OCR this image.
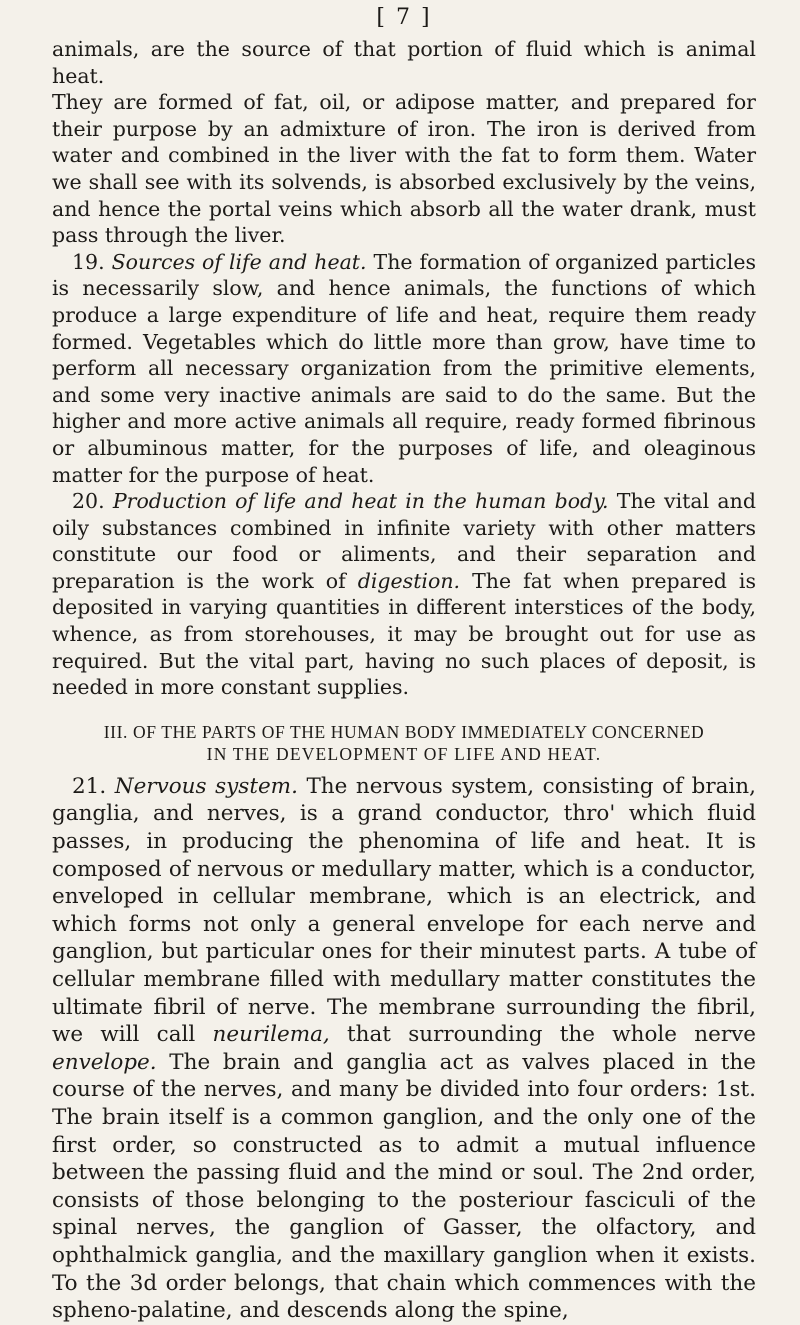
[ 7 ]

animals, are the source of that portion of fluid which is animal heat.

They are formed of fat, oil, or adipose matter, and prepared for their purpose by an admixture of iron. The iron is derived from water and combined in the liver with the fat to form them. Water we shall see with its solvends, is absorbed exclusively by the veins, and hence the portal veins which absorb all the water drank, must pass through the liver.

19. Sources of life and heat. The formation of organized particles is necessarily slow, and hence animals, the functions of which produce a large expenditure of life and heat, require them ready formed. Vegetables which do little more than grow, have time to perform all necessary organization from the primitive elements, and some very inactive animals are said to do the same. But the higher and more active animals all require, ready formed fibrinous or albuminous matter, for the purposes of life, and oleaginous matter for the purpose of heat.

20. Production of life and heat in the human body. The vital and oily substances combined in infinite variety with other matters constitute our food or aliments, and their separation and preparation is the work of digestion. The fat when prepared is deposited in varying quantities in different interstices of the body, whence, as from storehouses, it may be brought out for use as required. But the vital part, having no such places of deposit, is needed in more constant supplies.

III. OF THE PARTS OF THE HUMAN BODY IMMEDIATELY CONCERNED
IN THE DEVELOPMENT OF LIFE AND HEAT.

21. Nervous system. The nervous system, consisting of brain, ganglia, and nerves, is a grand conductor, thro' which fluid passes, in producing the phenomina of life and heat. It is composed of nervous or medullary matter, which is a conductor, enveloped in cellular membrane, which is an electrick, and which forms not only a general envelope for each nerve and ganglion, but particular ones for their minutest parts. A tube of cellular membrane filled with medullary matter constitutes the ultimate fibril of nerve. The membrane surrounding the fibril, we will call neurilema, that surrounding the whole nerve envelope. The brain and ganglia act as valves placed in the course of the nerves, and many be divided into four orders: 1st. The brain itself is a common ganglion, and the only one of the first order, so constructed as to admit a mutual influence between the passing fluid and the mind or soul. The 2nd order, consists of those belonging to the posteriour fasciculi of the spinal nerves, the ganglion of Gasser, the olfactory, and ophthalmick ganglia, and the maxillary ganglion when it exists. To the 3d order belongs, that chain which commences with the spheno-palatine, and descends along the spine,
